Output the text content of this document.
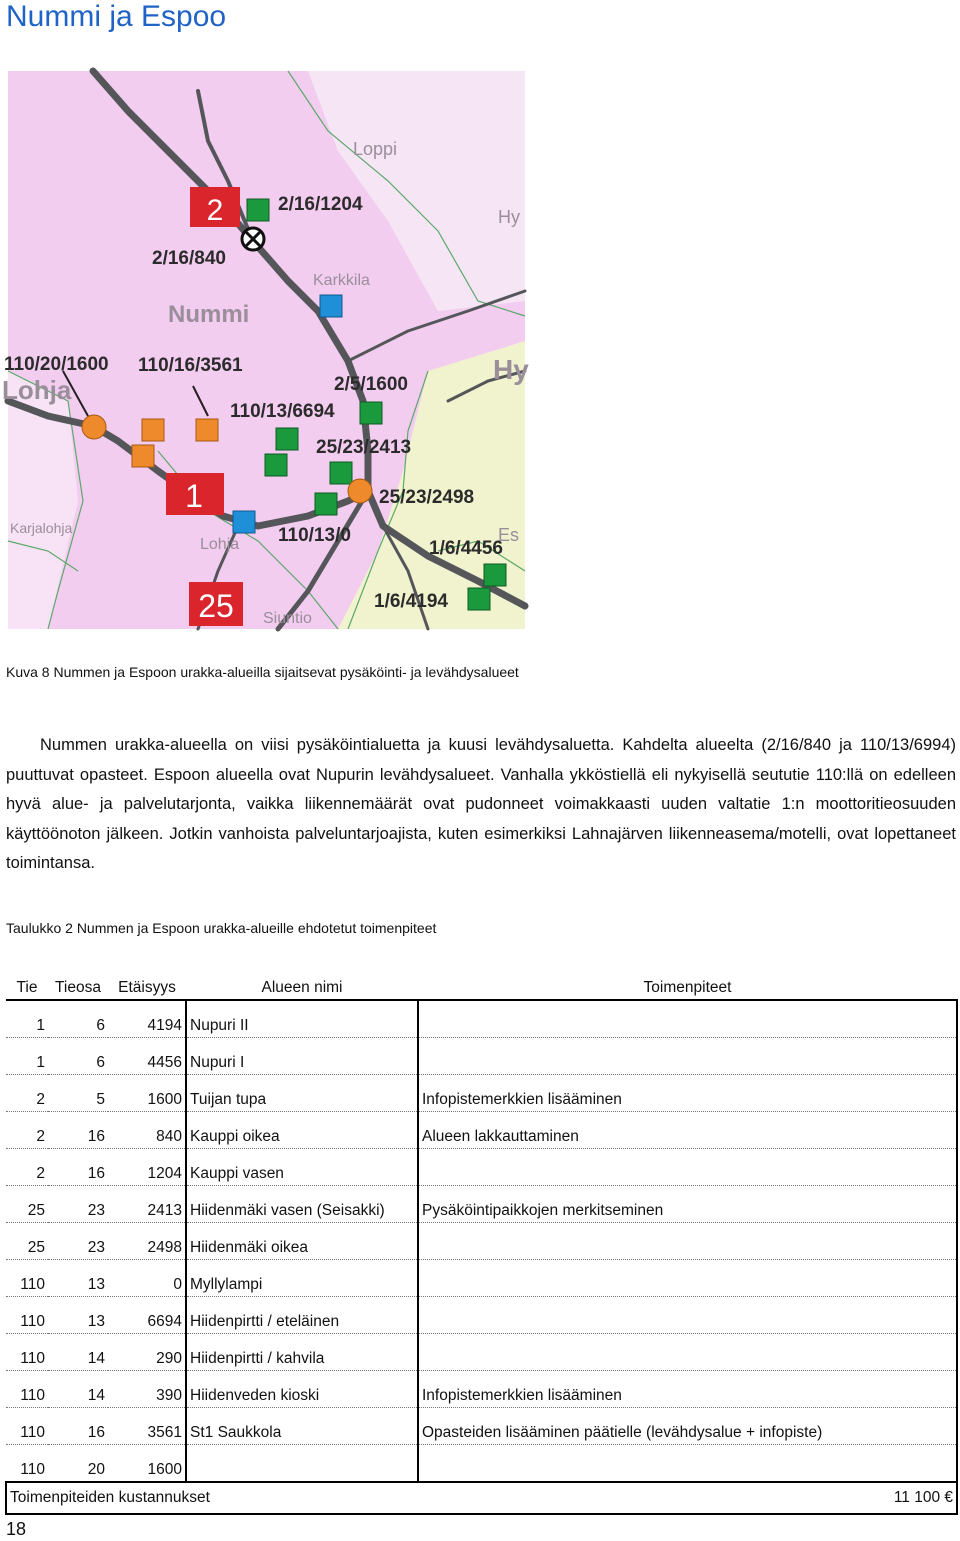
Nummi ja Espoo
Loppi
Nummi
Karkkila
Lohja
Karjalohja
Lohja
Siuntio
Hy
Hy
Es
2
1
25
2/16/1204
2/16/840
110/20/1600 110/16/3561
2/5/1600
110/13/6694
25/23/2413
25/23/2498
110/13/0
1/6/4456
1/6/4194
Kuva 8 Nummen ja Espoon urakka-alueilla sijaitsevat pysäköinti- ja levähdysalueet

Nummen urakka-alueella on viisi pysäköintialuetta ja kuusi levähdysaluetta. Kahdelta alueelta (2/16/840 ja 110/13/6994) puuttuvat opasteet. Espoon alueella ovat Nupurin levähdysalueet. Vanhalla ykköstiellä eli nykyisellä seututie 110:llä on edelleen hyvä alue- ja palvelutarjonta, vaikka liikennemäärät ovat pudonneet voimakkaasti uuden valtatie 1:n moottoritieosuuden käyttöönoton jälkeen. Jotkin vanhoista palveluntarjoajista, kuten esimerkiksi Lahnajärven liikenneasema/motelli, ovat lopettaneet toimintansa.

Taulukko 2 Nummen ja Espoon urakka-alueille ehdotetut toimenpiteet
Tie	Tieosa	Etäisyys	Alueen nimi	Toimenpiteet
1	6	4194	Nupuri II	
1	6	4456	Nupuri I	
2	5	1600	Tuijan tupa	Infopistemerkkien lisääminen
2	16	840	Kauppi oikea	Alueen lakkauttaminen
2	16	1204	Kauppi vasen	
25	23	2413	Hiidenmäki vasen (Seisakki)	Pysäköintipaikkojen merkitseminen
25	23	2498	Hiidenmäki oikea	
110	13	0	Myllylampi	
110	13	6694	Hiidenpirtti / eteläinen	
110	14	290	Hiidenpirtti / kahvila	
110	14	390	Hiidenveden kioski	Infopistemerkkien lisääminen
110	16	3561	St1 Saukkola	Opasteiden lisääminen päätielle (levähdysalue + infopiste)
110	20	1600		
Toimenpiteiden kustannukset				11 100 €
18
